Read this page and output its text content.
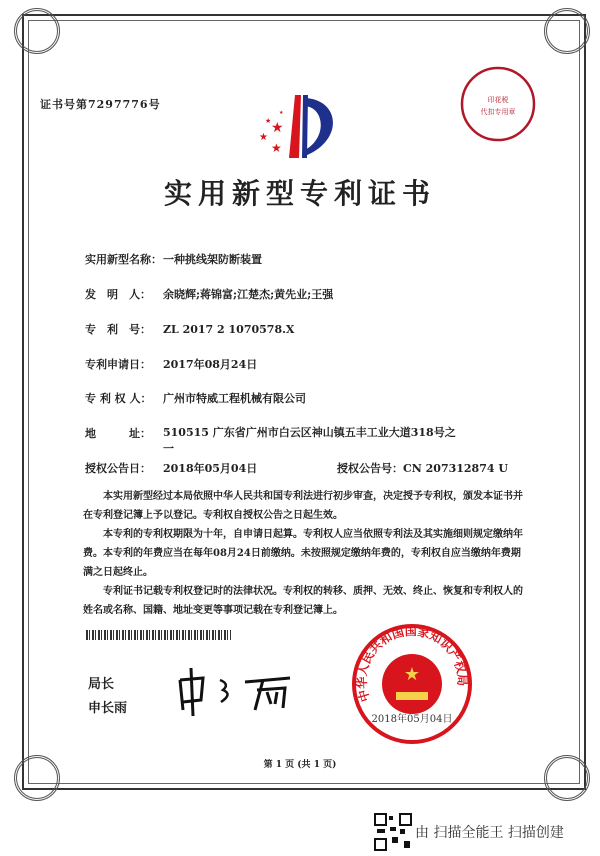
证书号第7297776号
★
★
★
★
★
印花税
代扣专用章
实用新型专利证书
实用新型名称：一种挑线架防断装置
发　明　人： 余晓辉;蒋锦富;江楚杰;黄先业;王强
专　利　号： ZL 2017 2 1070578.X
专利申请日： 2017年08月24日
专 利 权 人： 广州市特威工程机械有限公司
地　　　址：	510515 广东省广州市白云区神山镇五丰工业大道318号之一
授权公告日： 2018年05月04日	授权公告号：CN 207312874 U

本实用新型经过本局依照中华人民共和国专利法进行初步审查，决定授予专利权，颁发本证书并在专利登记簿上予以登记。专利权自授权公告之日起生效。

本专利的专利权期限为十年，自申请日起算。专利权人应当依照专利法及其实施细则规定缴纳年费。本专利的年费应当在每年08月24日前缴纳。未按照规定缴纳年费的，专利权自应当缴纳年费期满之日起终止。

专利证书记载专利权登记时的法律状况。专利权的转移、质押、无效、终止、恢复和专利权人的姓名或名称、国籍、地址变更等事项记载在专利登记簿上。

局长
申长雨
中华人民共和国国家知识产权局
★
2018年05月04日
第 1 页 (共 1 页)
由 扫描全能王 扫描创建
